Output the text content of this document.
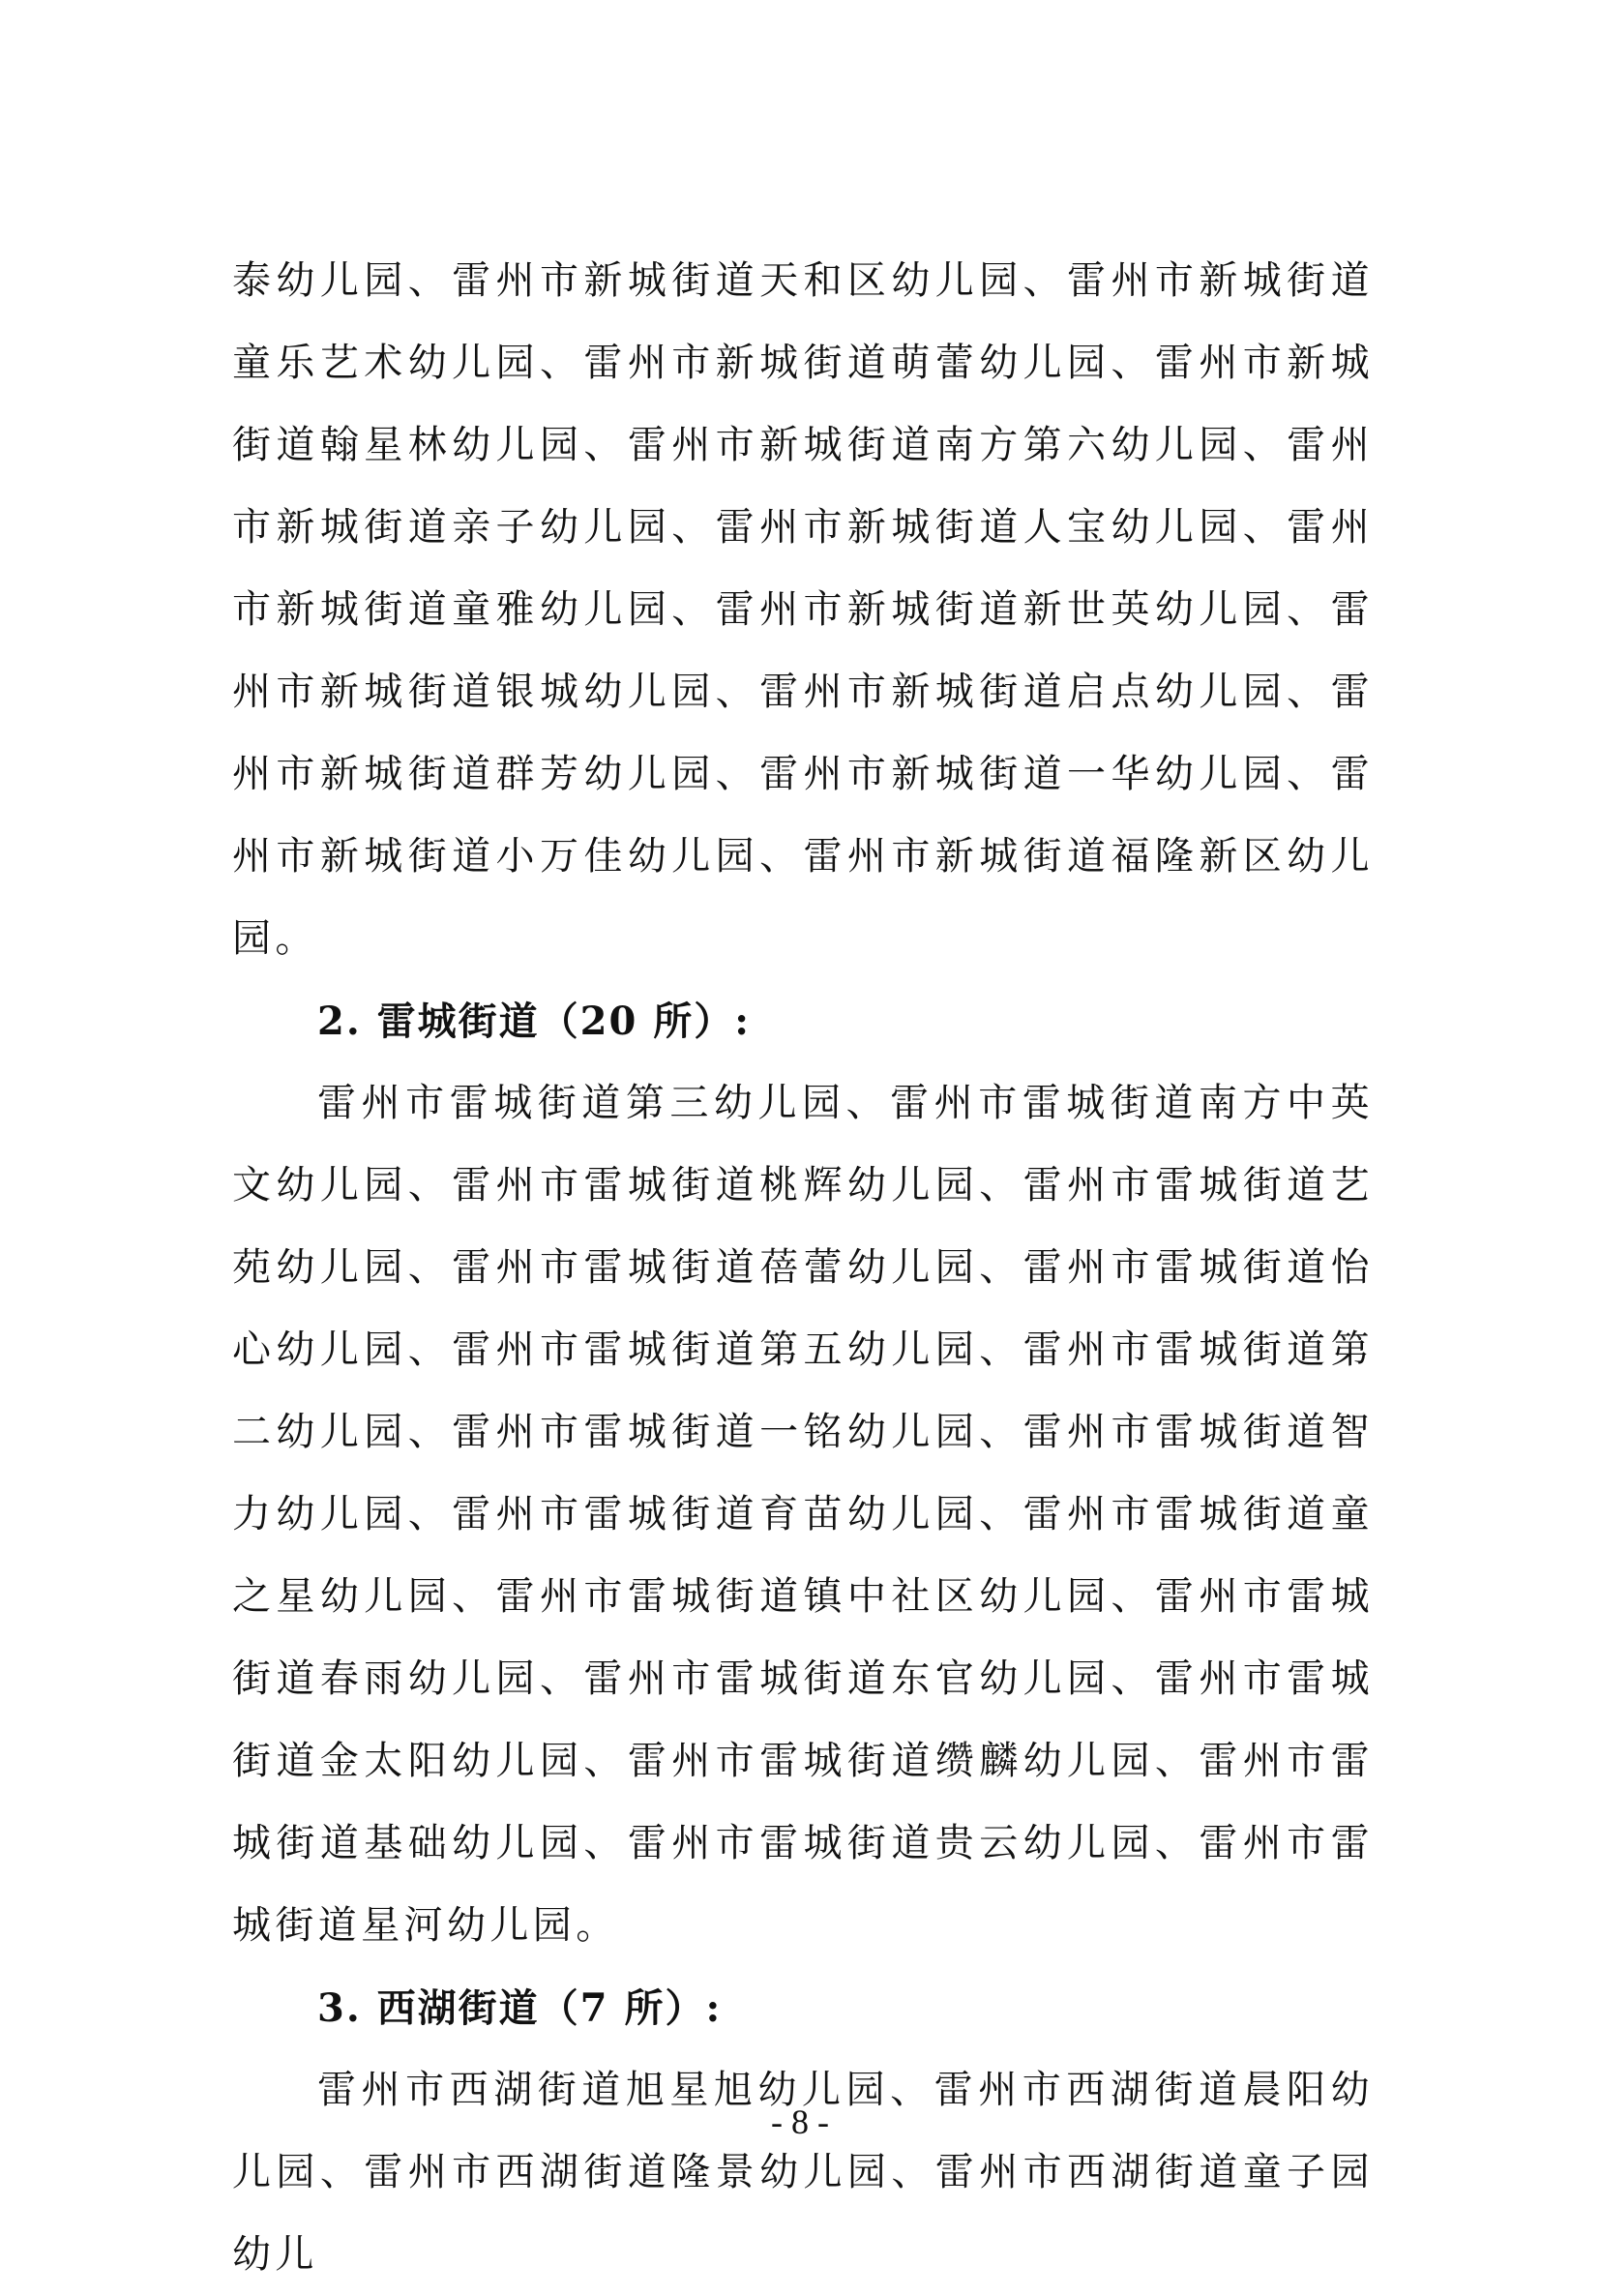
泰幼儿园、雷州市新城街道天和区幼儿园、雷州市新城街道童乐艺术幼儿园、雷州市新城街道萌蕾幼儿园、雷州市新城街道翰星林幼儿园、雷州市新城街道南方第六幼儿园、雷州市新城街道亲子幼儿园、雷州市新城街道人宝幼儿园、雷州市新城街道童雅幼儿园、雷州市新城街道新世英幼儿园、雷州市新城街道银城幼儿园、雷州市新城街道启点幼儿园、雷州市新城街道群芳幼儿园、雷州市新城街道一华幼儿园、雷州市新城街道小万佳幼儿园、雷州市新城街道福隆新区幼儿园。

2. 雷城街道（20 所）:

雷州市雷城街道第三幼儿园、雷州市雷城街道南方中英文幼儿园、雷州市雷城街道桃辉幼儿园、雷州市雷城街道艺苑幼儿园、雷州市雷城街道蓓蕾幼儿园、雷州市雷城街道怡心幼儿园、雷州市雷城街道第五幼儿园、雷州市雷城街道第二幼儿园、雷州市雷城街道一铭幼儿园、雷州市雷城街道智力幼儿园、雷州市雷城街道育苗幼儿园、雷州市雷城街道童之星幼儿园、雷州市雷城街道镇中社区幼儿园、雷州市雷城街道春雨幼儿园、雷州市雷城街道东官幼儿园、雷州市雷城街道金太阳幼儿园、雷州市雷城街道缵麟幼儿园、雷州市雷城街道基础幼儿园、雷州市雷城街道贵云幼儿园、雷州市雷城街道星河幼儿园。

3. 西湖街道（7 所）:

雷州市西湖街道旭星旭幼儿园、雷州市西湖街道晨阳幼儿园、雷州市西湖街道隆景幼儿园、雷州市西湖街道童子园幼儿

- 8 -
